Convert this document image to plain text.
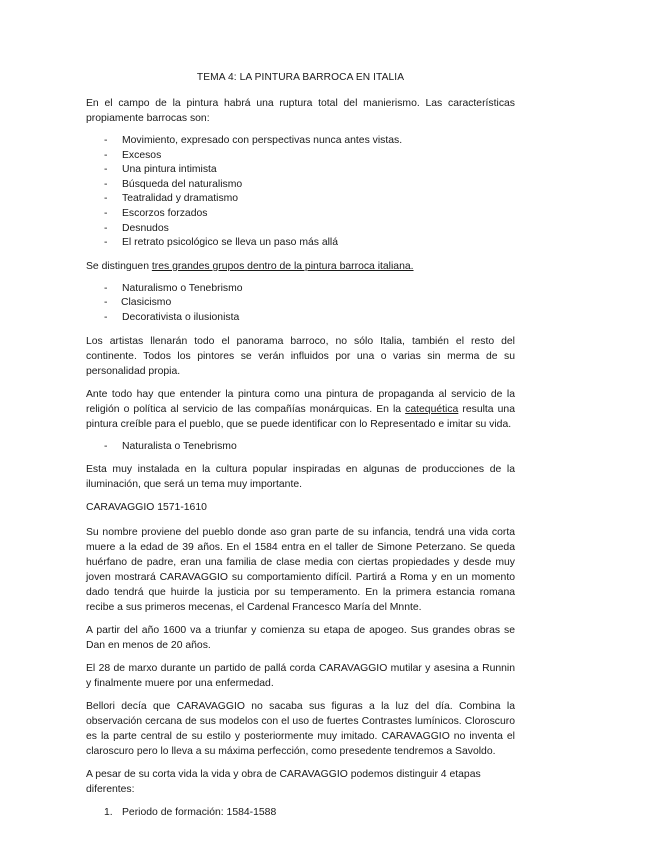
TEMA 4: LA PINTURA BARROCA EN ITALIA

En el campo de la pintura habrá una ruptura total del manierismo. Las características propiamente barrocas son:

- Movimiento, expresado con perspectivas nunca antes vistas.
- Excesos
- Una pintura intimista
- Búsqueda del naturalismo
- Teatralidad y dramatismo
- Escorzos forzados
- Desnudos
- El retrato psicológico se lleva un paso más allá

Se distinguen tres grandes grupos dentro de la pintura barroca italiana.

- Naturalismo o Tenebrismo
- Clasicismo
- Decorativista o ilusionista

Los artistas llenarán todo el panorama barroco, no sólo Italia, también el resto del continente. Todos los pintores se verán influidos por una o varias sin merma de su personalidad propia.

Ante todo hay que entender la pintura como una pintura de propaganda al servicio de la religión o política al servicio de las compañías monárquicas. En la catequética resulta una pintura creíble para el pueblo, que se puede identificar con lo Representado e imitar su vida.

- Naturalista o Tenebrismo

Esta muy instalada en la cultura popular inspiradas en algunas de producciones de la iluminación, que será un tema muy importante.

CARAVAGGIO 1571-1610

Su nombre proviene del pueblo donde aso gran parte de su infancia, tendrá una vida corta muere a la edad de 39 años. En el 1584 entra en el taller de Simone Peterzano. Se queda huérfano de padre, eran una familia de clase media con ciertas propiedades y desde muy joven mostrará CARAVAGGIO su comportamiento difícil. Partirá a Roma y en un momento dado tendrá que huirde la justicia por su temperamento. En la primera estancia romana recibe a sus primeros mecenas, el Cardenal Francesco María del Mnnte.

A partir del año 1600 va a triunfar y comienza su etapa de apogeo. Sus grandes obras se Dan en menos de 20 años.

El 28 de marxo durante un partido de pallá corda CARAVAGGIO mutilar y asesina a Runnin y finalmente muere por una enfermedad.

Bellori decía que CARAVAGGIO no sacaba sus figuras a la luz del día. Combina la observación cercana de sus modelos con el uso de fuertes Contrastes lumínicos. Cloroscuro es la parte central de su estilo y posteriormente muy imitado. CARAVAGGIO no inventa el claroscuro pero lo lleva a su máxima perfección, como presedente tendremos a Savoldo.

A pesar de su corta vida la vida y obra de CARAVAGGIO podemos distinguir 4 etapas diferentes:

1. Periodo de formación: 1584-1588
